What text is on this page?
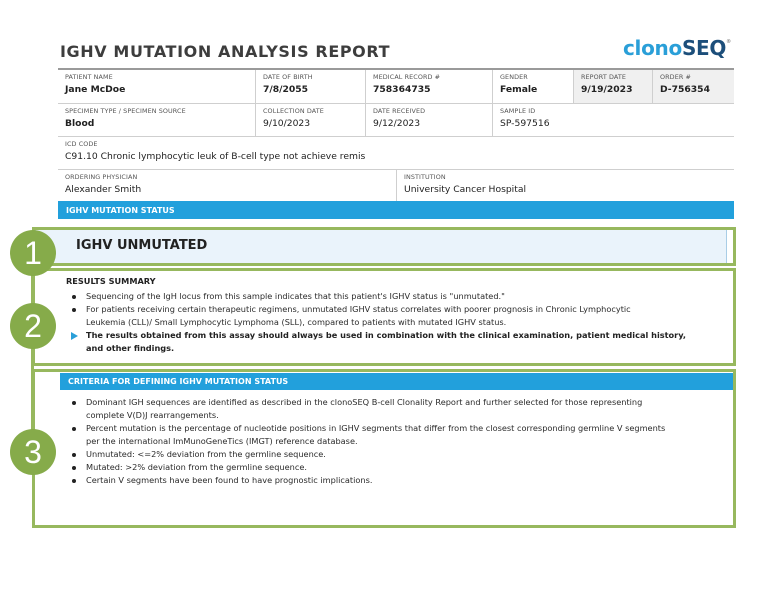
IGHV MUTATION ANALYSIS REPORT	clonoSEQ®
PATIENT NAME
Jane McDoe
DATE OF BIRTH
7/8/2055
MEDICAL RECORD #
758364735
GENDER
Female
REPORT DATE
9/19/2023
ORDER #
D-756354
SPECIMEN TYPE / SPECIMEN SOURCE
Blood
COLLECTION DATE
9/10/2023
DATE RECEIVED
9/12/2023
SAMPLE ID
SP-597516
ICD CODE
C91.10 Chronic lymphocytic leuk of B-cell type not achieve remis
ORDERING PHYSICIAN
Alexander Smith
INSTITUTION
University Cancer Hospital
IGHV MUTATION STATUS
IGHV UNMUTATED
RESULTS SUMMARY
Sequencing of the IgH locus from this sample indicates that this patient's IGHV status is "unmutated."
For patients receiving certain therapeutic regimens, unmutated IGHV status correlates with poorer prognosis in Chronic Lymphocytic
Leukemia (CLL)/ Small Lymphocytic Lymphoma (SLL), compared to patients with mutated IGHV status.
The results obtained from this assay should always be used in combination with the clinical examination, patient medical history,
and other findings.
CRITERIA FOR DEFINING IGHV MUTATION STATUS
Dominant IGH sequences are identified as described in the clonoSEQ B-cell Clonality Report and further selected for those representing
complete V(D)J rearrangements.
Percent mutation is the percentage of nucleotide positions in IGHV segments that differ from the closest corresponding germline V segments
per the international ImMunoGeneTics (IMGT) reference database.
Unmutated: <=2% deviation from the germline sequence.
Mutated: >2% deviation from the germline sequence.
Certain V segments have been found to have prognostic implications.
1
2
3
